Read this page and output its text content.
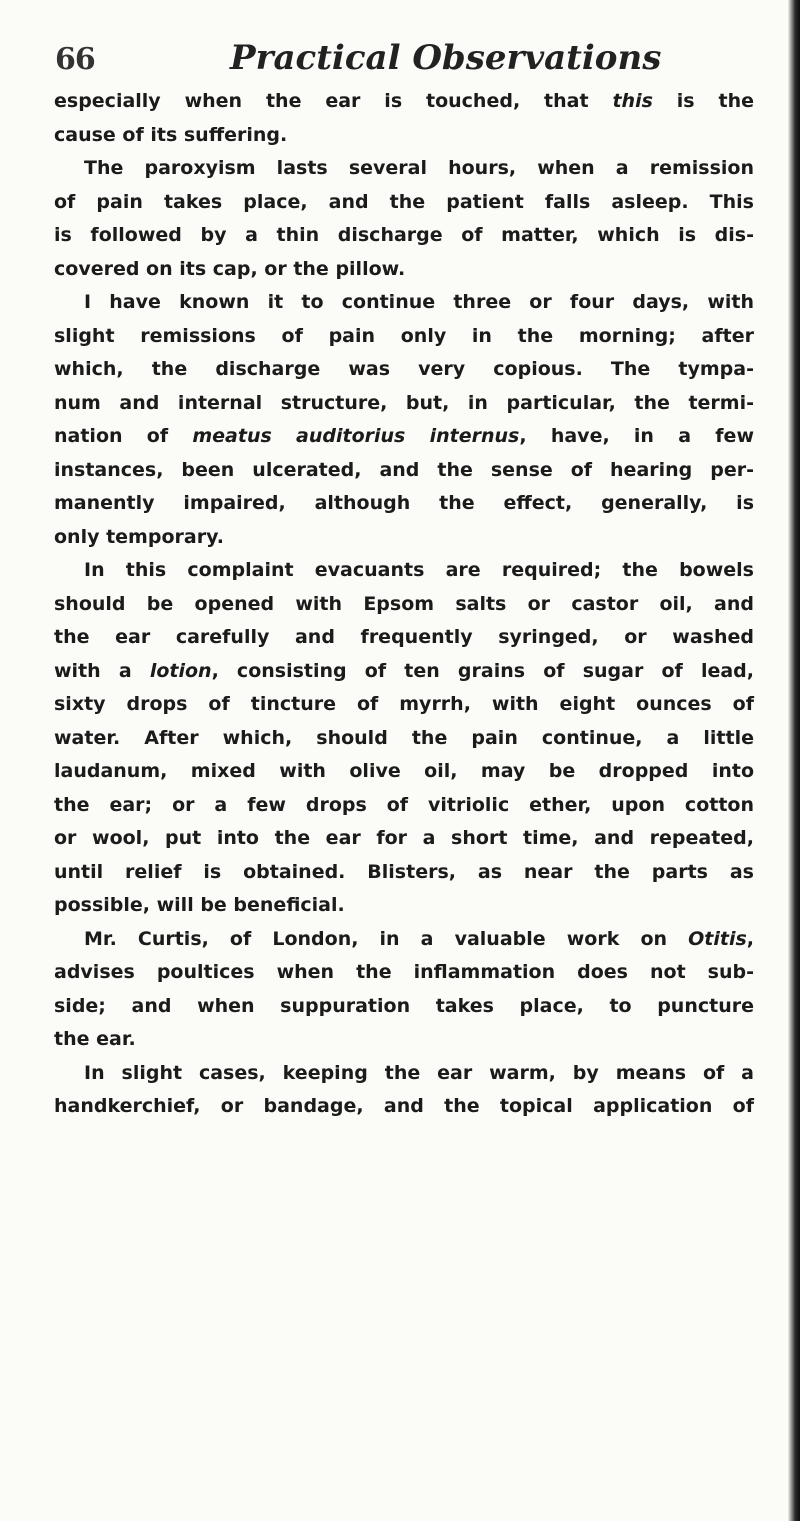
66	Practical Observations
especially when the ear is touched, that this is the
cause of its suffering.
The paroxyism lasts several hours, when a remission
of pain takes place, and the patient falls asleep. This
is followed by a thin discharge of matter, which is dis-
covered on its cap, or the pillow.
I have known it to continue three or four days, with
slight remissions of pain only in the morning; after
which, the discharge was very copious. The tympa-
num and internal structure, but, in particular, the termi-
nation of meatus auditorius internus, have, in a few
instances, been ulcerated, and the sense of hearing per-
manently impaired, although the effect, generally, is
only temporary.
In this complaint evacuants are required; the bowels
should be opened with Epsom salts or castor oil, and
the ear carefully and frequently syringed, or washed
with a lotion, consisting of ten grains of sugar of lead,
sixty drops of tincture of myrrh, with eight ounces of
water. After which, should the pain continue, a little
laudanum, mixed with olive oil, may be dropped into
the ear; or a few drops of vitriolic ether, upon cotton
or wool, put into the ear for a short time, and repeated,
until relief is obtained. Blisters, as near the parts as
possible, will be beneficial.
Mr. Curtis, of London, in a valuable work on Otitis,
advises poultices when the inflammation does not sub-
side; and when suppuration takes place, to puncture
the ear.
In slight cases, keeping the ear warm, by means of a
handkerchief, or bandage, and the topical application of
